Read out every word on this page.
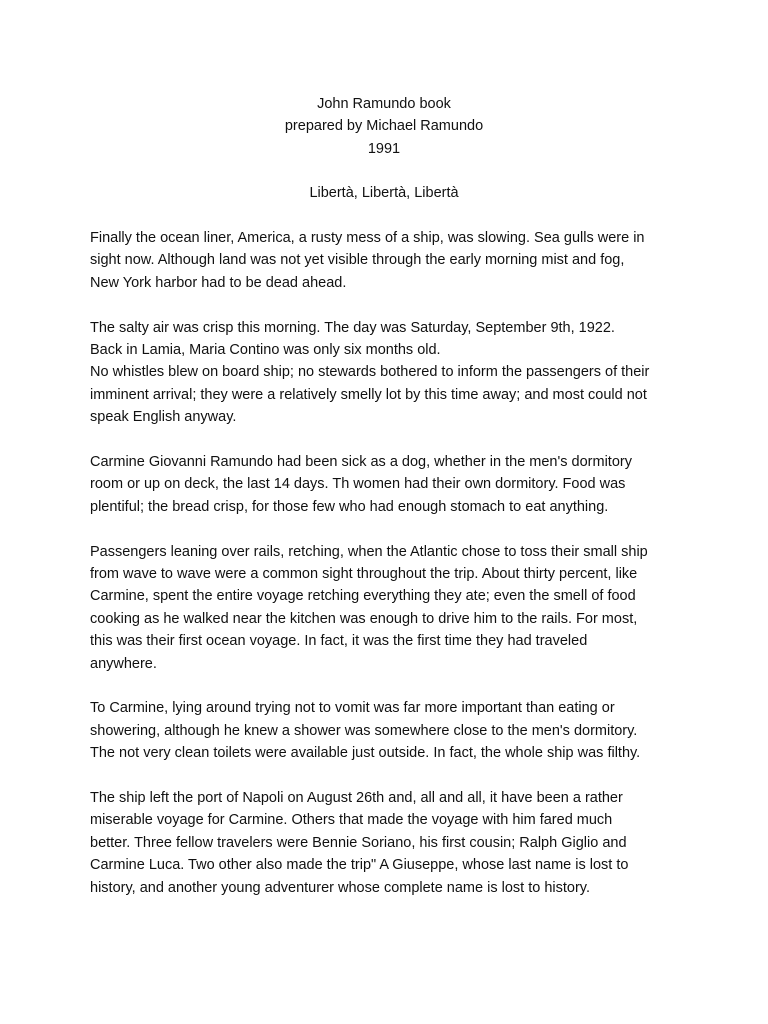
John Ramundo book
prepared by Michael Ramundo
1991
Libertà, Libertà, Libertà

Finally the ocean liner, America, a rusty mess of a ship, was slowing. Sea gulls were in
sight now. Although land was not yet visible through the early morning mist and fog,
New York harbor had to be dead ahead.

The salty air was crisp this morning. The day was Saturday, September 9th, 1922.
Back in Lamia, Maria Contino was only six months old.
No whistles blew on board ship; no stewards bothered to inform the passengers of their
imminent arrival; they were a relatively smelly lot by this time away; and most could not
speak English anyway.

Carmine Giovanni Ramundo had been sick as a dog, whether in the men's dormitory
room or up on deck, the last 14 days. Th women had their own dormitory. Food was
plentiful; the bread crisp, for those few who had enough stomach to eat anything.

Passengers leaning over rails, retching, when the Atlantic chose to toss their small ship
from wave to wave were a common sight throughout the trip. About thirty percent, like
Carmine, spent the entire voyage retching everything they ate; even the smell of food
cooking as he walked near the kitchen was enough to drive him to the rails. For most,
this was their first ocean voyage. In fact, it was the first time they had traveled
anywhere.

To Carmine, lying around trying not to vomit was far more important than eating or
showering, although he knew a shower was somewhere close to the men's dormitory.
The not very clean toilets were available just outside. In fact, the whole ship was filthy.

The ship left the port of Napoli on August 26th and, all and all, it have been a rather
miserable voyage for Carmine. Others that made the voyage with him fared much
better. Three fellow travelers were Bennie Soriano, his first cousin; Ralph Giglio and
Carmine Luca. Two other also made the trip" A Giuseppe, whose last name is lost to
history, and another young adventurer whose complete name is lost to history.
